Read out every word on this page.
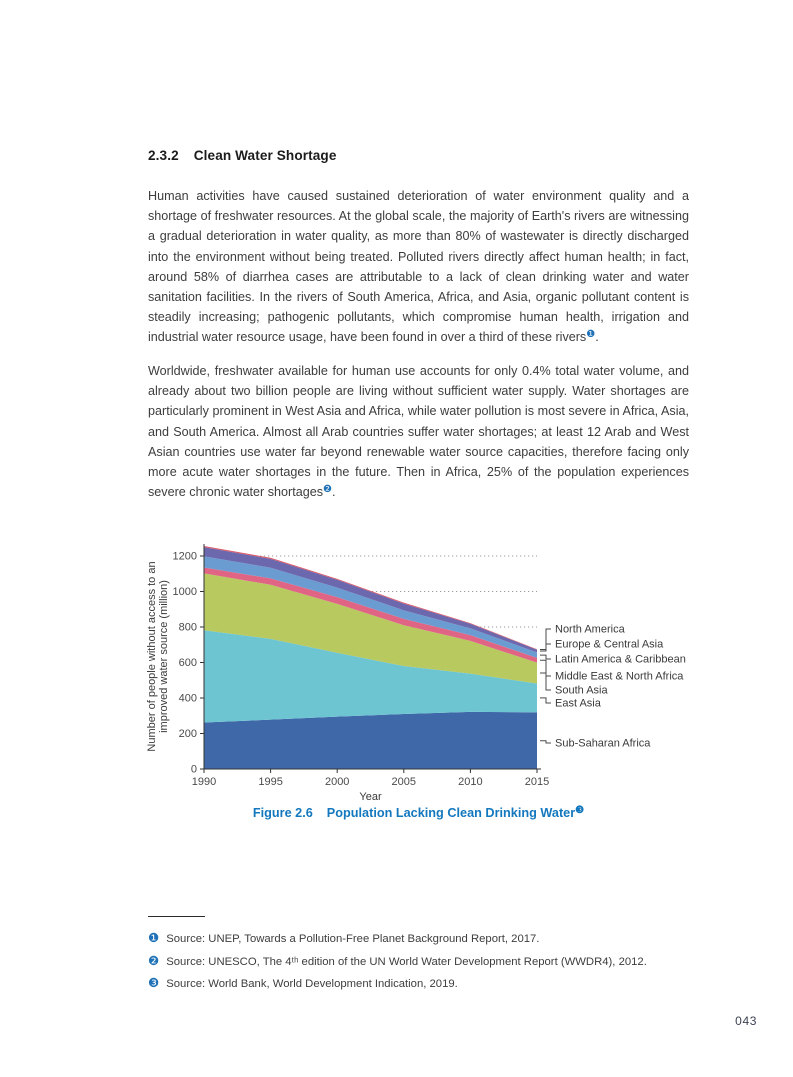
2.3.2 Clean Water Shortage

Human activities have caused sustained deterioration of water environment quality and a shortage of freshwater resources. At the global scale, the majority of Earth's rivers are witnessing a gradual deterioration in water quality, as more than 80% of wastewater is directly discharged into the environment without being treated. Polluted rivers directly affect human health; in fact, around 58% of diarrhea cases are attributable to a lack of clean drinking water and water sanitation facilities. In the rivers of South America, Africa, and Asia, organic pollutant content is steadily increasing; pathogenic pollutants, which compromise human health, irrigation and industrial water resource usage, have been found in over a third of these rivers$^❶$.

Worldwide, freshwater available for human use accounts for only 0.4% total water volume, and already about two billion people are living without sufficient water supply. Water shortages are particularly prominent in West Asia and Africa, while water pollution is most severe in Africa, Asia, and South America. Almost all Arab countries suffer water shortages; at least 12 Arab and West Asian countries use water far beyond renewable water source capacities, therefore facing only more acute water shortages in the future. Then in Africa, 25% of the population experiences severe chronic water shortages$^❷$.

0
200
400
600
800
1000
1200
1990	1995	2000	2005	2010	2015
Year
Number of people without access to an improved water source (million)
Sub-Saharan Africa
East Asia
South Asia
Middle East & North Africa
Latin America & Caribbean
Europe & Central Asia
North America

Figure 2.6 Population Lacking Clean Drinking Water$^❸$

❶ Source: UNEP, Towards a Pollution-Free Planet Background Report, 2017.

❷ Source: UNESCO, The 4ᵗʰ edition of the UN World Water Development Report (WWDR4), 2012.

❸ Source: World Bank, World Development Indication, 2019.

043
